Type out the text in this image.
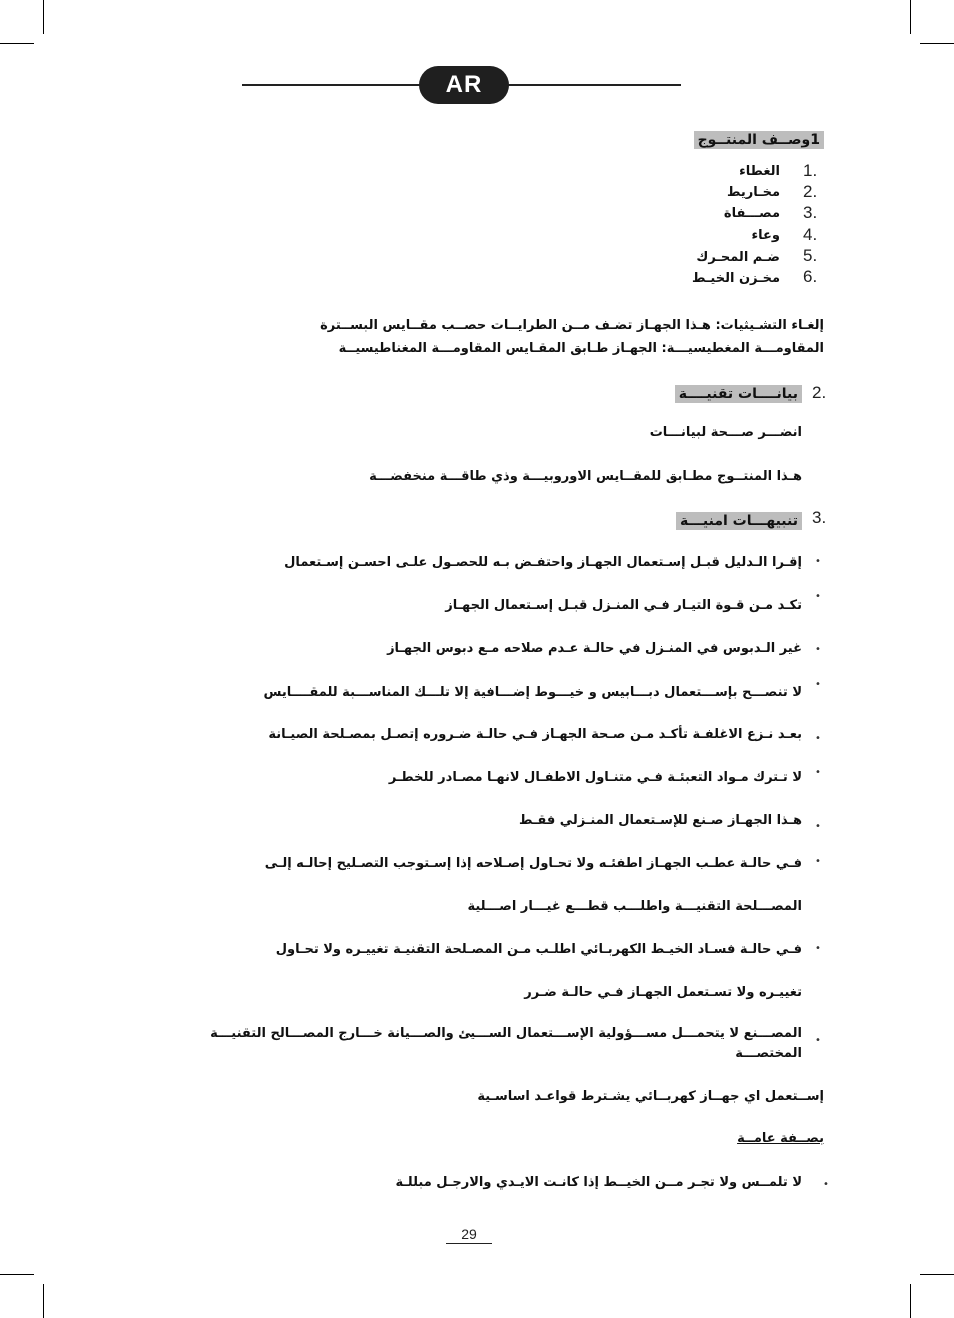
AR
1وصــف المنتــوج
1.
الغطاء
2.
مخـاريط
3.
مصـــفاة
4.
وعاء
5.
ضـم المحـرك
6.
مخـزن الخيـط
إلغـاء التشـيثيات: هـذا الجهـاز تضـف مــن الطرايــات حصــب مقــايس البســترة
المقاومـــة المغطيسيـــة: الجهـاز طـابق المقـايس المقاومـــة المغناطيسيــة
2.
بيانــــات تقنيــــة
انضـــر صـــحة لبيانـــات
هـذا المنتــوج مطـابق للمقــايس الاوروبيـــة وذي طاقـــة منخفضـــة
3.
تنبيهـــات امنيـــة
•
إقـرا الـدليل قبـل إسـتعمال الجهـاز واحتفـض بـه للحصـول علـى احسـن إسـتعمال
•
تكـد مـن قـوة التيـار فـي المنـزل قبـل إسـتعمال الجهـاز
•
غير الـدبوس في المنـزل في حالـة عـدم صلاحه مـع دبوس الجهـاز
•
لا تنصـــح بإســـتعمال دبـــابيس و خيـــوط إضـــافية إلا تلـــك المناســـبة للمقــــايس
•
بعـد نـزع الاغلفـة تأكـد مـن صـحة الجهـاز فـي حالـة ضـروره إتصـل بمصـلحة الصيـانة
•
لا تـترك مـواد التعبئـة فـي متنـاول الاطفـال لانهـا مصـادر للخطـر
•
هـذا الجهـاز صـنع للإسـتعمال المنـزلي فقـط
•
فـي حالـة عطـب الجهـاز اطفئـه ولا تحـاول إصـلاحه إذا إسـتوجب التصـليح إحالـه إلـى
المصـــلحة التقنيـــة واطلـــب قطـــع غيـــار اصـــلية
•
فـي حالـة فسـاد الخيـط الكهربـائي اطلـب مـن المصـلحة التقنيـة تغييـره ولا تحـاول
تغييـره ولا تسـتعمل الجهـاز فـي حالـة ضـرر
•
المصـــنع لا يتحمـــل مســـؤولية الإســـتعمال الســـيئ والصـــيانة خـــارج المصـــالح التقنيـــة
المختصـــة
إســتعمل اي جهــاز كهربــائي يشـترط قواعـد اساسـية
بصــفة عامــة
•
لا تلمــس ولا تجـر مــن الخيــط إذا كانـت الايـدي والارجـل مبللـة
29
